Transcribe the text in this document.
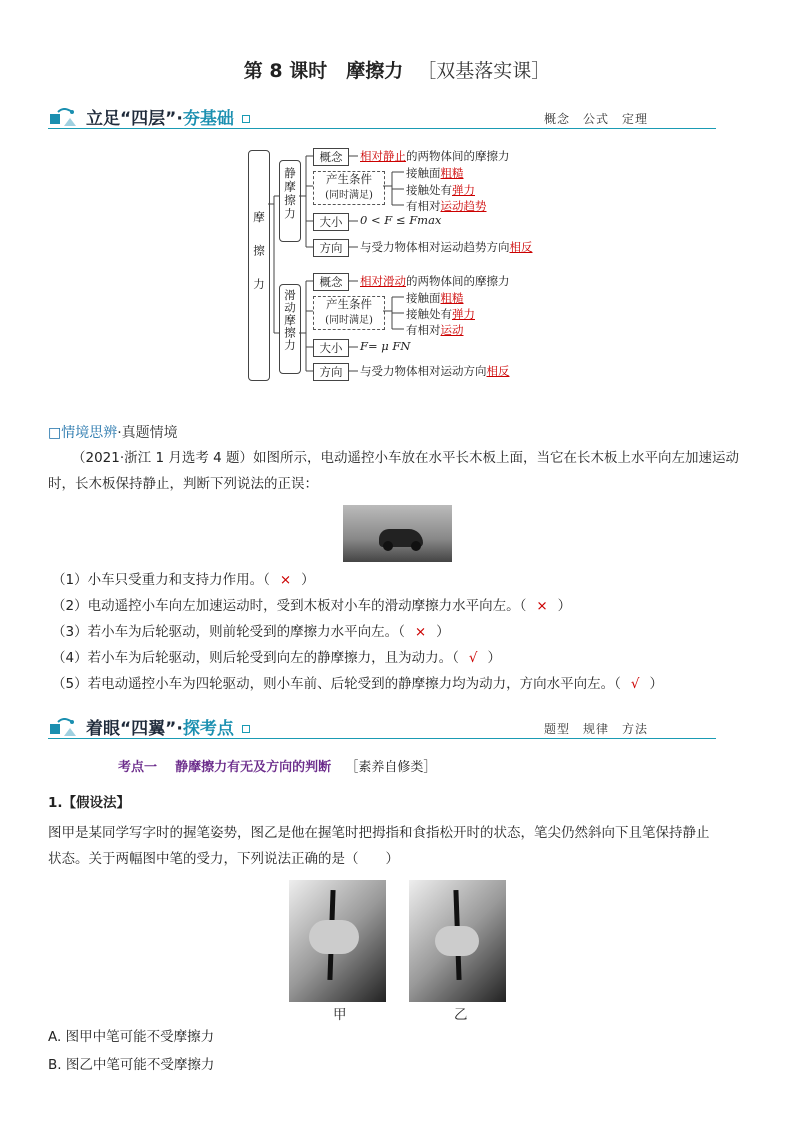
第 8 课时　摩擦力 ［双基落实课］
立足“四层”·夯基础	概念　公式　定理
摩擦力
静摩擦力
滑动摩擦力
概念	相对静止的两物体间的摩擦力
产生条件
(同时满足)
接触面粗糙
接触处有弹力
有相对运动趋势
大小	0 < F ≤ Fmax
方向	与受力物体相对运动趋势方向相反
概念	相对滑动的两物体间的摩擦力
产生条件
(同时满足)
接触面粗糙
接触处有弹力
有相对运动
大小	F= μ FN
方向	与受力物体相对运动方向相反
□情境思辨·真题情境
（2021·浙江 1 月选考 4 题）如图所示，电动遥控小车放在水平长木板上面，当它在长木板上水平向左加速运动
时，长木板保持静止，判断下列说法的正误：
（1）小车只受重力和支持力作用。（ × ）
（2）电动遥控小车向左加速运动时，受到木板对小车的滑动摩擦力水平向左。（ × ）
（3）若小车为后轮驱动，则前轮受到的摩擦力水平向左。（ × ）
（4）若小车为后轮驱动，则后轮受到向左的静摩擦力，且为动力。（ √ ）
（5）若电动遥控小车为四轮驱动，则小车前、后轮受到的静摩擦力均为动力，方向水平向左。（ √ ）
着眼“四翼”·探考点	题型　规律　方法
考点一 静摩擦力有无及方向的判断 ［素养自修类］
1.【假设法】
图甲是某同学写字时的握笔姿势，图乙是他在握笔时把拇指和食指松开时的状态，笔尖仍然斜向下且笔保持静止
状态。关于两幅图中笔的受力，下列说法正确的是（　　）
甲	乙
A. 图甲中笔可能不受摩擦力
B. 图乙中笔可能不受摩擦力
